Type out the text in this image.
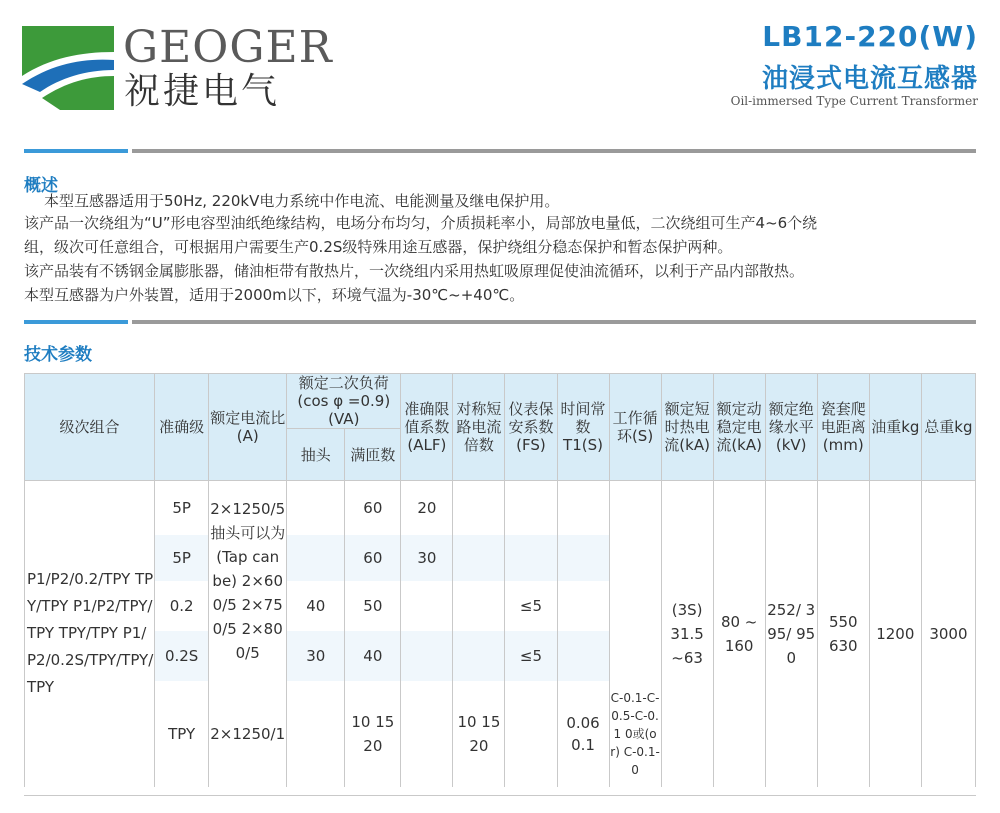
GEOGER
祝捷电气
LB12-220(W)
油浸式电流互感器
Oil-immersed Type Current Transformer
概述
本型互感器适用于50Hz, 220kV电力系统中作电流、电能测量及继电保护用。
该产品一次绕组为“U”形电容型油纸绝缘结构，电场分布均匀，介质损耗率小，局部放电量低，二次绕组可生产4~6个绕
组，级次可任意组合，可根据用户需要生产0.2S级特殊用途互感器，保护绕组分稳态保护和暂态保护两种。
该产品装有不锈钢金属膨胀器，储油柜带有散热片，一次绕组内采用热虹吸原理促使油流循环，以利于产品内部散热。
本型互感器为户外装置，适用于2000m以下，环境气温为-30℃~+40℃。
技术参数
级次组合	准确级	额定电流比(A)	额定二次负荷(cos φ =0.9)(VA)		准确限值系数(ALF)	对称短路电流倍数	仪表保安系数(FS)	时间常数T1(S)	工作循环(S)	额定短时热电流(kA)	额定动稳定电流(kA)	额定绝缘水平(kV)	瓷套爬电距离(mm)	油重kg	总重kg
			抽头	满匝数											
P1/P2/0.2/TPY TPY/TPY P1/P2/TPY/TPY TPY/TPY P1/P2/0.2S/TPY/TPY/TPY	5P	2×1250/5抽头可以为(Tap can be) 2×600/5 2×750/5 2×800/5		60	20					(3S) 31.5 ~63	80 ~ 160	252/ 395/ 950	550 630	1200	3000
	5P			60	30										
	0.2		40	50			≤5								
	0.2S		30	40			≤5								
	TPY	2×1250/1		10 15 20		10 15 20		0.06 0.1	C-0.1-C-0.5-C-0.1 0或(or) C-0.1-0						
